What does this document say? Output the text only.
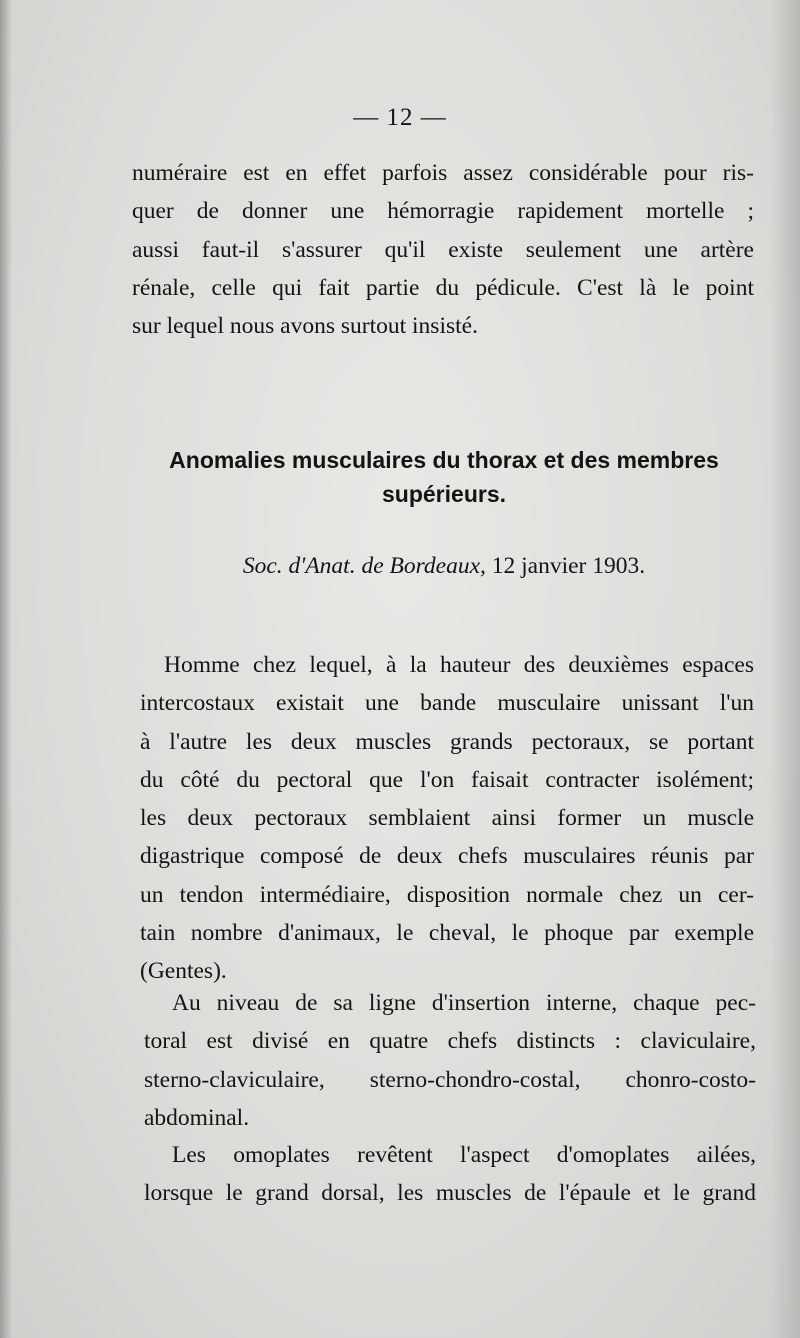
— 12 —
numéraire est en effet parfois assez considérable pour ris-
quer de donner une hémorragie rapidement mortelle ;
aussi faut-il s'assurer qu'il existe seulement une artère
rénale, celle qui fait partie du pédicule. C'est là le point
sur lequel nous avons surtout insisté.
Anomalies musculaires du thorax et des membres
supérieurs.
Soc. d'Anat. de Bordeaux, 12 janvier 1903.
Homme chez lequel, à la hauteur des deuxièmes espaces
intercostaux existait une bande musculaire unissant l'un
à l'autre les deux muscles grands pectoraux, se portant
du côté du pectoral que l'on faisait contracter isolément;
les deux pectoraux semblaient ainsi former un muscle
digastrique composé de deux chefs musculaires réunis par
un tendon intermédiaire, disposition normale chez un cer-
tain nombre d'animaux, le cheval, le phoque par exemple
(Gentes).
Au niveau de sa ligne d'insertion interne, chaque pec-
toral est divisé en quatre chefs distincts : claviculaire,
sterno-claviculaire, sterno-chondro-costal, chonro-costo-
abdominal.
Les omoplates revêtent l'aspect d'omoplates ailées,
lorsque le grand dorsal, les muscles de l'épaule et le grand
